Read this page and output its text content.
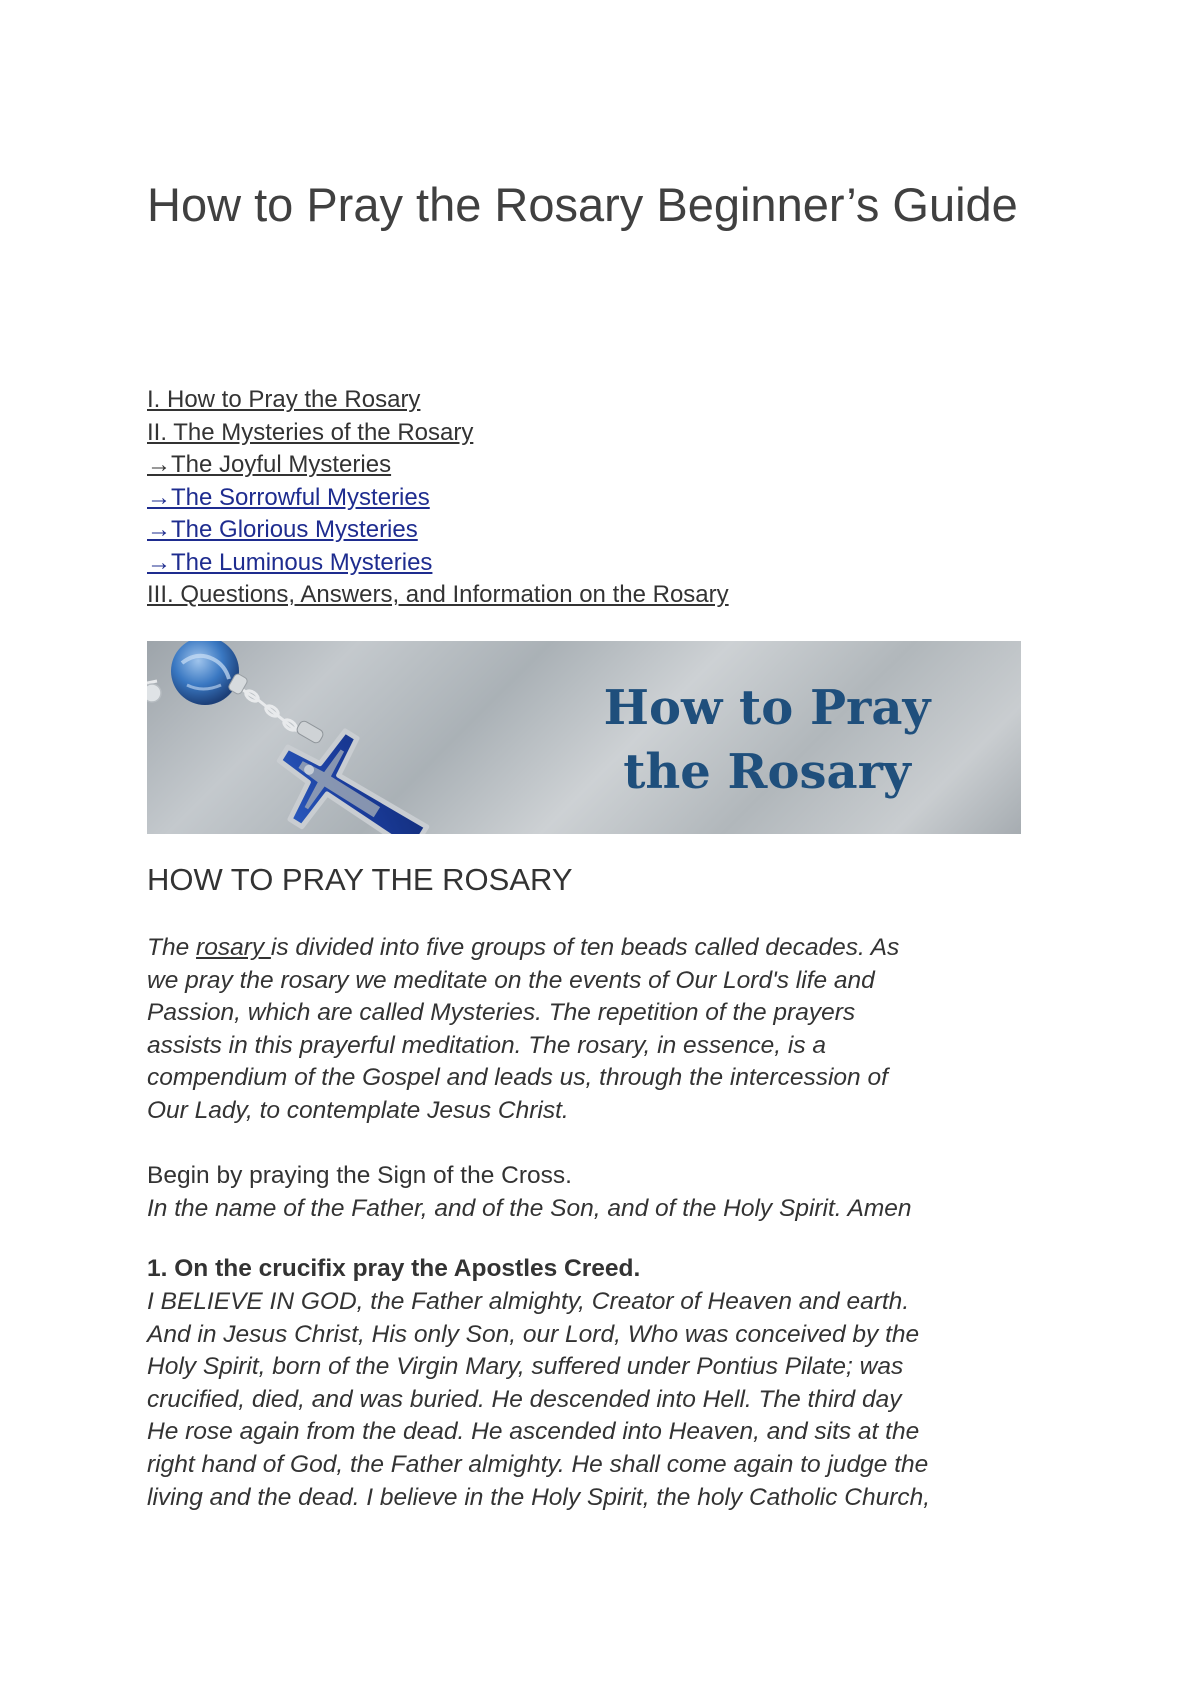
How to Pray the Rosary Beginner’s Guide
I. How to Pray the Rosary
II. The Mysteries of the Rosary
→The Joyful Mysteries
→The Sorrowful Mysteries
→The Glorious Mysteries
→The Luminous Mysteries
III. Questions, Answers, and Information on the Rosary
How to Pray
the Rosary
HOW TO PRAY THE ROSARY

The rosary is divided into five groups of ten beads called decades. As
we pray the rosary we meditate on the events of Our Lord's life and
Passion, which are called Mysteries. The repetition of the prayers
assists in this prayerful meditation. The rosary, in essence, is a
compendium of the Gospel and leads us, through the intercession of
Our Lady, to contemplate Jesus Christ.

Begin by praying the Sign of the Cross.
In the name of the Father, and of the Son, and of the Holy Spirit. Amen

1. On the crucifix pray the Apostles Creed.

I BELIEVE IN GOD, the Father almighty, Creator of Heaven and earth.
And in Jesus Christ, His only Son, our Lord, Who was conceived by the
Holy Spirit, born of the Virgin Mary, suffered under Pontius Pilate; was
crucified, died, and was buried. He descended into Hell. The third day
He rose again from the dead. He ascended into Heaven, and sits at the
right hand of God, the Father almighty. He shall come again to judge the
living and the dead. I believe in the Holy Spirit, the holy Catholic Church,
